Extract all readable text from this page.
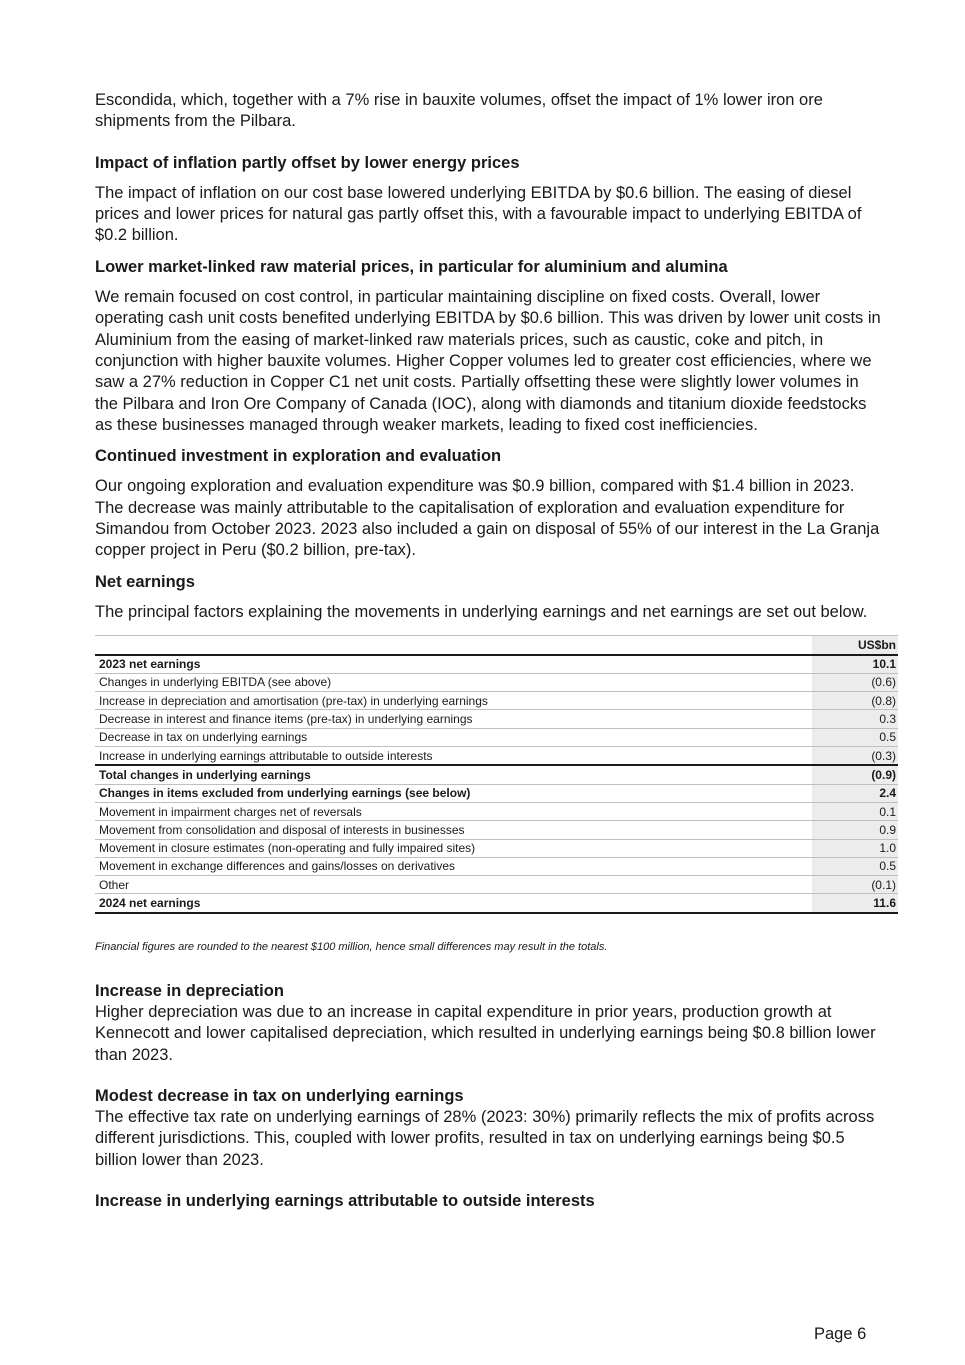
Escondida, which, together with a 7% rise in bauxite volumes, offset the impact of 1% lower iron ore shipments from the Pilbara.

Impact of inflation partly offset by lower energy prices

The impact of inflation on our cost base lowered underlying EBITDA by $0.6 billion. The easing of diesel prices and lower prices for natural gas partly offset this, with a favourable impact to underlying EBITDA of $0.2 billion.

Lower market-linked raw material prices, in particular for aluminium and alumina

We remain focused on cost control, in particular maintaining discipline on fixed costs. Overall, lower operating cash unit costs benefited underlying EBITDA by $0.6 billion. This was driven by lower unit costs in Aluminium from the easing of market-linked raw materials prices, such as caustic, coke and pitch, in conjunction with higher bauxite volumes. Higher Copper volumes led to greater cost efficiencies, where we saw a 27% reduction in Copper C1 net unit costs. Partially offsetting these were slightly lower volumes in the Pilbara and Iron Ore Company of Canada (IOC), along with diamonds and titanium dioxide feedstocks as these businesses managed through weaker markets, leading to fixed cost inefficiencies.

Continued investment in exploration and evaluation

Our ongoing exploration and evaluation expenditure was $0.9 billion, compared with $1.4 billion in 2023. The decrease was mainly attributable to the capitalisation of exploration and evaluation expenditure for Simandou from October 2023. 2023 also included a gain on disposal of 55% of our interest in the La Granja copper project in Peru ($0.2 billion, pre-tax).

Net earnings

The principal factors explaining the movements in underlying earnings and net earnings are set out below.

	US$bn
2023 net earnings	10.1
Changes in underlying EBITDA (see above)	(0.6)
Increase in depreciation and amortisation (pre-tax) in underlying earnings	(0.8)
Decrease in interest and finance items (pre-tax) in underlying earnings	0.3
Decrease in tax on underlying earnings	0.5
Increase in underlying earnings attributable to outside interests	(0.3)
Total changes in underlying earnings	(0.9)
Changes in items excluded from underlying earnings (see below)	2.4
Movement in impairment charges net of reversals	0.1
Movement from consolidation and disposal of interests in businesses	0.9
Movement in closure estimates (non-operating and fully impaired sites)	1.0
Movement in exchange differences and gains/losses on derivatives	0.5
Other	(0.1)
2024 net earnings	11.6

Financial figures are rounded to the nearest $100 million, hence small differences may result in the totals.

Increase in depreciation

Higher depreciation was due to an increase in capital expenditure in prior years, production growth at Kennecott and lower capitalised depreciation, which resulted in underlying earnings being $0.8 billion lower than 2023.

Modest decrease in tax on underlying earnings

The effective tax rate on underlying earnings of 28% (2023: 30%) primarily reflects the mix of profits across different jurisdictions. This, coupled with lower profits, resulted in tax on underlying earnings being $0.5 billion lower than 2023.

Increase in underlying earnings attributable to outside interests
Page 6
